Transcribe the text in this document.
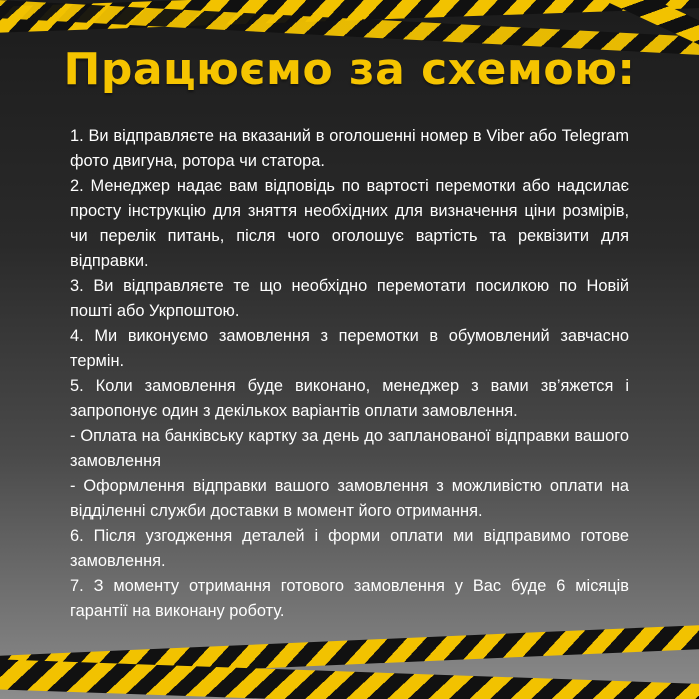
Працюємо за схемою:

1. Ви відправляєте на вказаний в оголошенні номер в Viber або Telegram фото двигуна, ротора чи статора.

2. Менеджер надає вам відповідь по вартості перемотки або надсилає просту інструкцію для зняття необхідних для визначення ціни розмірів, чи перелік питань, після чого оголошує вартість та реквізити для відправки.

3. Ви відправляєте те що необхідно перемотати посилкою по Новій пошті або Укрпоштою.

4. Ми виконуємо замовлення з перемотки в обумовлений завчасно термін.

5. Коли замовлення буде виконано, менеджер з вами зв’яжется і запропонує один з декількох варіантів оплати замовлення.

- Оплата на банківську картку за день до запланованої відправки вашого замовлення

- Оформлення відправки вашого замовлення з можливістю оплати на відділенні служби доставки в момент його отримання.

6. Після узгодження деталей і форми оплати ми відправимо готове замовлення.

7. З моменту отримання готового замовлення у Вас буде 6 місяців гарантії на виконану роботу.
